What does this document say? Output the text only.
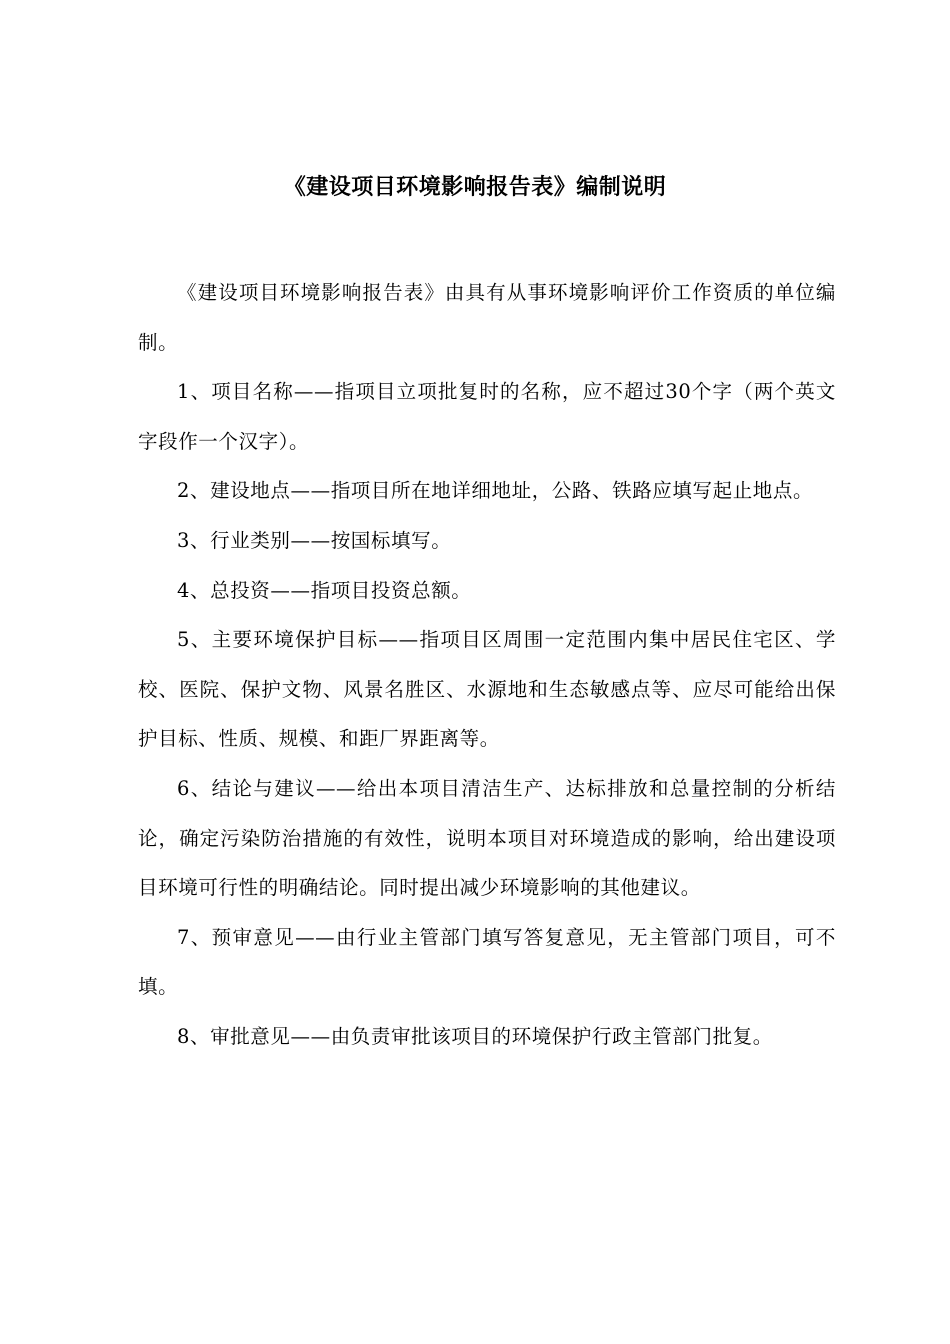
《建设项目环境影响报告表》编制说明

《建设项目环境影响报告表》由具有从事环境影响评价工作资质的单位编制。

1、项目名称——指项目立项批复时的名称，应不超过30个字（两个英文字段作一个汉字）。

2、建设地点——指项目所在地详细地址，公路、铁路应填写起止地点。

3、行业类别——按国标填写。

4、总投资——指项目投资总额。

5、主要环境保护目标——指项目区周围一定范围内集中居民住宅区、学校、医院、保护文物、风景名胜区、水源地和生态敏感点等、应尽可能给出保护目标、性质、规模、和距厂界距离等。

6、结论与建议——给出本项目清洁生产、达标排放和总量控制的分析结论，确定污染防治措施的有效性，说明本项目对环境造成的影响，给出建设项目环境可行性的明确结论。同时提出减少环境影响的其他建议。

7、预审意见——由行业主管部门填写答复意见，无主管部门项目，可不填。

8、审批意见——由负责审批该项目的环境保护行政主管部门批复。
